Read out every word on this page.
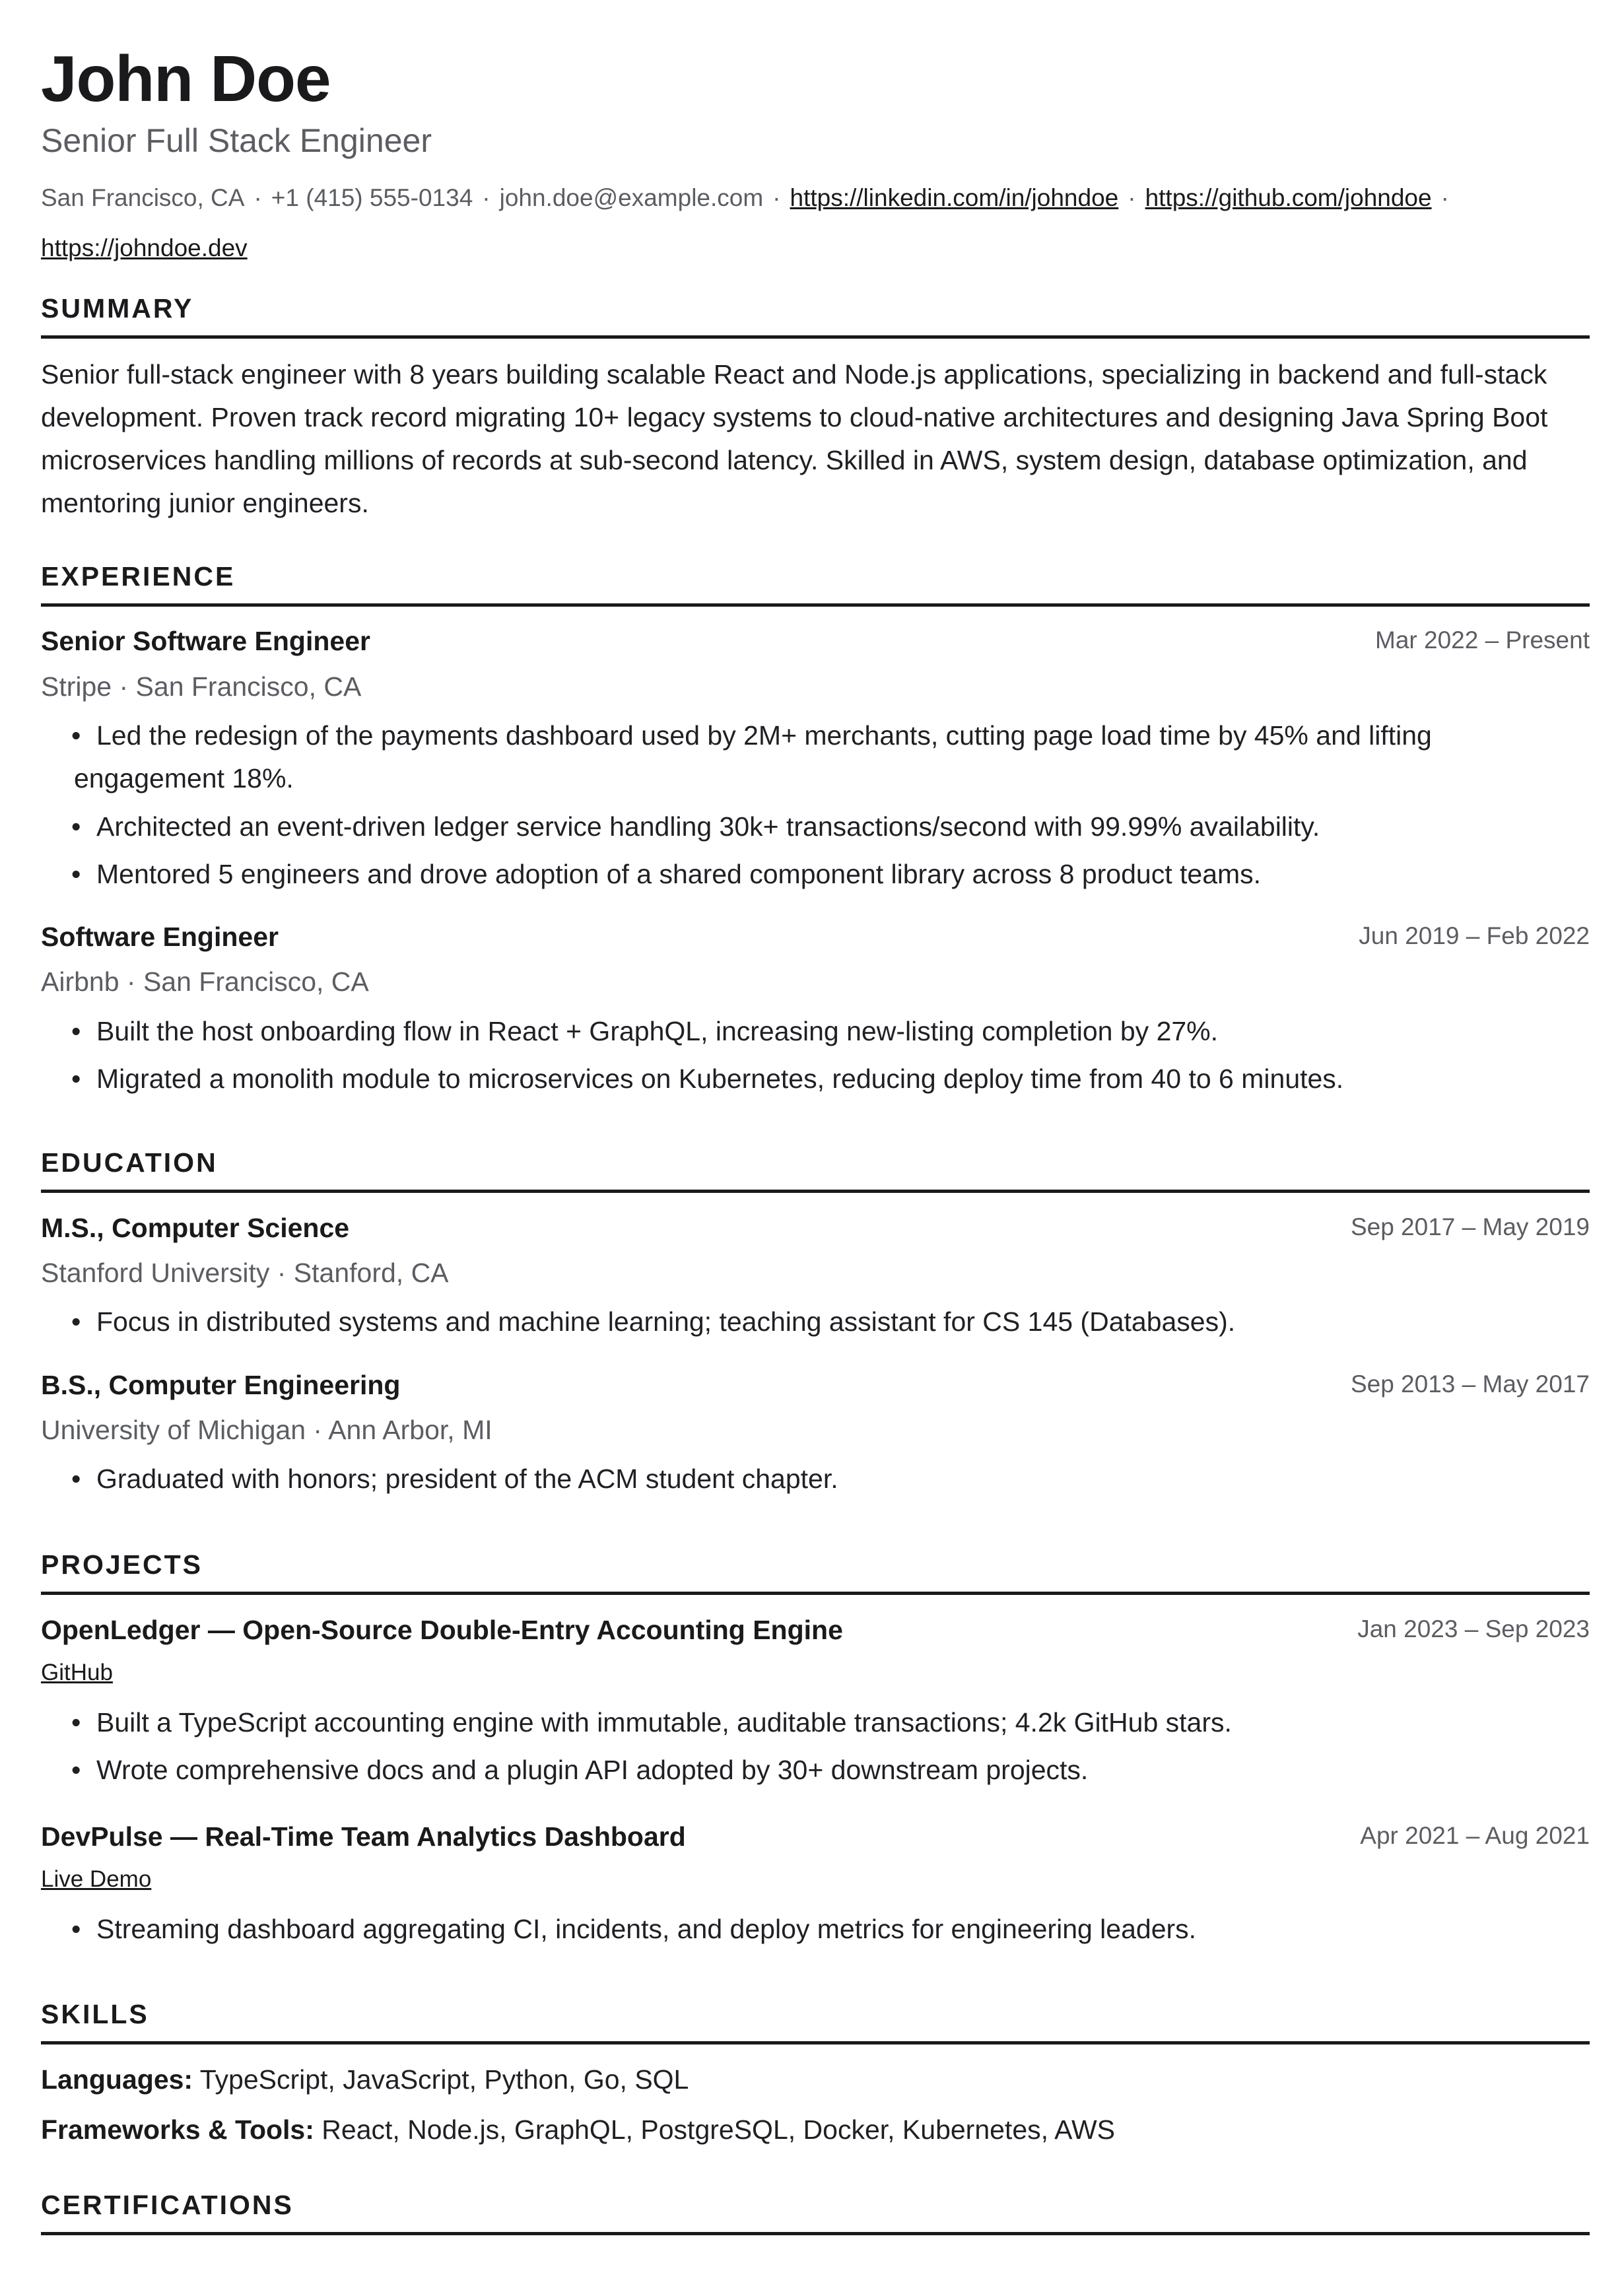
John Doe
Senior Full Stack Engineer
San Francisco, CA · +1 (415) 555-0134 · john.doe@example.com · https://linkedin.com/in/johndoe · https://github.com/johndoe ·
https://johndoe.dev
SUMMARY

Senior full-stack engineer with 8 years building scalable React and Node.js applications, specializing in backend and full-stack development. Proven track record migrating 10+ legacy systems to cloud-native architectures and designing Java Spring Boot microservices handling millions of records at sub-second latency. Skilled in AWS, system design, database optimization, and mentoring junior engineers.

EXPERIENCE
Senior Software Engineer	Mar 2022 – Present
Stripe · San Francisco, CA
• Led the redesign of the payments dashboard used by 2M+ merchants, cutting page load time by 45% and lifting engagement 18%.
• Architected an event-driven ledger service handling 30k+ transactions/second with 99.99% availability.
• Mentored 5 engineers and drove adoption of a shared component library across 8 product teams.
Software Engineer	Jun 2019 – Feb 2022
Airbnb · San Francisco, CA
• Built the host onboarding flow in React + GraphQL, increasing new-listing completion by 27%.
• Migrated a monolith module to microservices on Kubernetes, reducing deploy time from 40 to 6 minutes.
EDUCATION
M.S., Computer Science	Sep 2017 – May 2019
Stanford University · Stanford, CA
• Focus in distributed systems and machine learning; teaching assistant for CS 145 (Databases).
B.S., Computer Engineering	Sep 2013 – May 2017
University of Michigan · Ann Arbor, MI
• Graduated with honors; president of the ACM student chapter.
PROJECTS
OpenLedger — Open-Source Double-Entry Accounting Engine	Jan 2023 – Sep 2023
GitHub
• Built a TypeScript accounting engine with immutable, auditable transactions; 4.2k GitHub stars.
• Wrote comprehensive docs and a plugin API adopted by 30+ downstream projects.
DevPulse — Real-Time Team Analytics Dashboard	Apr 2021 – Aug 2021
Live Demo
• Streaming dashboard aggregating CI, incidents, and deploy metrics for engineering leaders.
SKILLS
Languages: TypeScript, JavaScript, Python, Go, SQL
Frameworks & Tools: React, Node.js, GraphQL, PostgreSQL, Docker, Kubernetes, AWS
CERTIFICATIONS
